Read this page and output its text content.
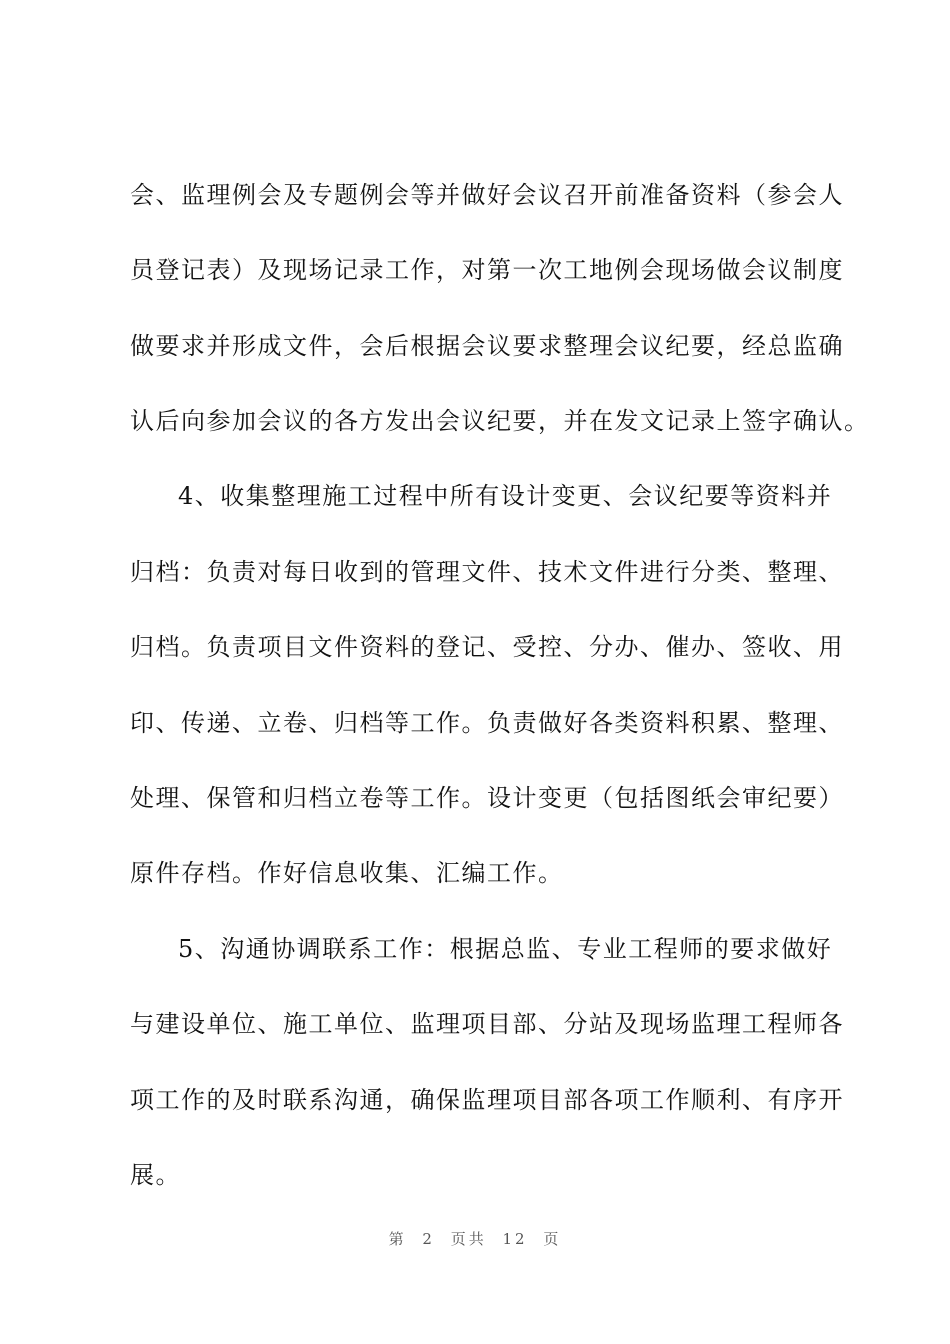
会、监理例会及专题例会等并做好会议召开前准备资料（参会人
员登记表）及现场记录工作，对第一次工地例会现场做会议制度
做要求并形成文件，会后根据会议要求整理会议纪要，经总监确
认后向参加会议的各方发出会议纪要，并在发文记录上签字确认。
4、收集整理施工过程中所有设计变更、会议纪要等资料并
归档：负责对每日收到的管理文件、技术文件进行分类、整理、
归档。负责项目文件资料的登记、受控、分办、催办、签收、用
印、传递、立卷、归档等工作。负责做好各类资料积累、整理、
处理、保管和归档立卷等工作。设计变更（包括图纸会审纪要）
原件存档。作好信息收集、汇编工作。
5、沟通协调联系工作：根据总监、专业工程师的要求做好
与建设单位、施工单位、监理项目部、分站及现场监理工程师各
项工作的及时联系沟通，确保监理项目部各项工作顺利、有序开
展。
第 2 页共 12 页
